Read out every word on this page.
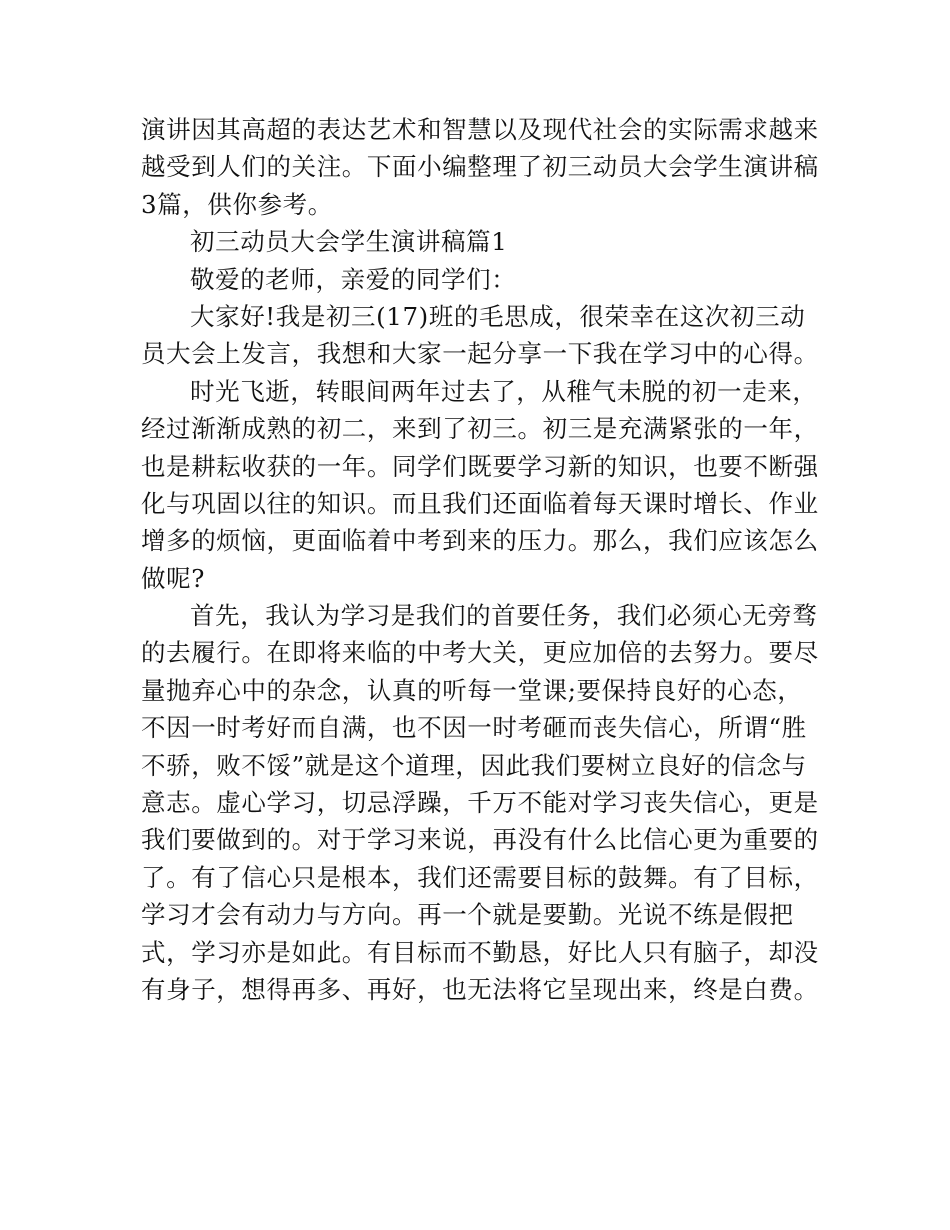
演讲因其高超的表达艺术和智慧以及现代社会的实际需求越来
越受到人们的关注。下面小编整理了初三动员大会学生演讲稿
3篇，供你参考。
初三动员大会学生演讲稿篇1
敬爱的老师，亲爱的同学们：
大家好!我是初三(17)班的毛思成，很荣幸在这次初三动
员大会上发言，我想和大家一起分享一下我在学习中的心得。
时光飞逝，转眼间两年过去了，从稚气未脱的初一走来，
经过渐渐成熟的初二，来到了初三。初三是充满紧张的一年，
也是耕耘收获的一年。同学们既要学习新的知识，也要不断强
化与巩固以往的知识。而且我们还面临着每天课时增长、作业
增多的烦恼，更面临着中考到来的压力。那么，我们应该怎么
做呢?
首先，我认为学习是我们的首要任务，我们必须心无旁骛
的去履行。在即将来临的中考大关，更应加倍的去努力。要尽
量抛弃心中的杂念，认真的听每一堂课;要保持良好的心态，
不因一时考好而自满，也不因一时考砸而丧失信心，所谓“胜
不骄，败不馁”就是这个道理，因此我们要树立良好的信念与
意志。虚心学习，切忌浮躁，千万不能对学习丧失信心，更是
我们要做到的。对于学习来说，再没有什么比信心更为重要的
了。有了信心只是根本，我们还需要目标的鼓舞。有了目标，
学习才会有动力与方向。再一个就是要勤。光说不练是假把
式，学习亦是如此。有目标而不勤恳，好比人只有脑子，却没
有身子，想得再多、再好，也无法将它呈现出来，终是白费。
